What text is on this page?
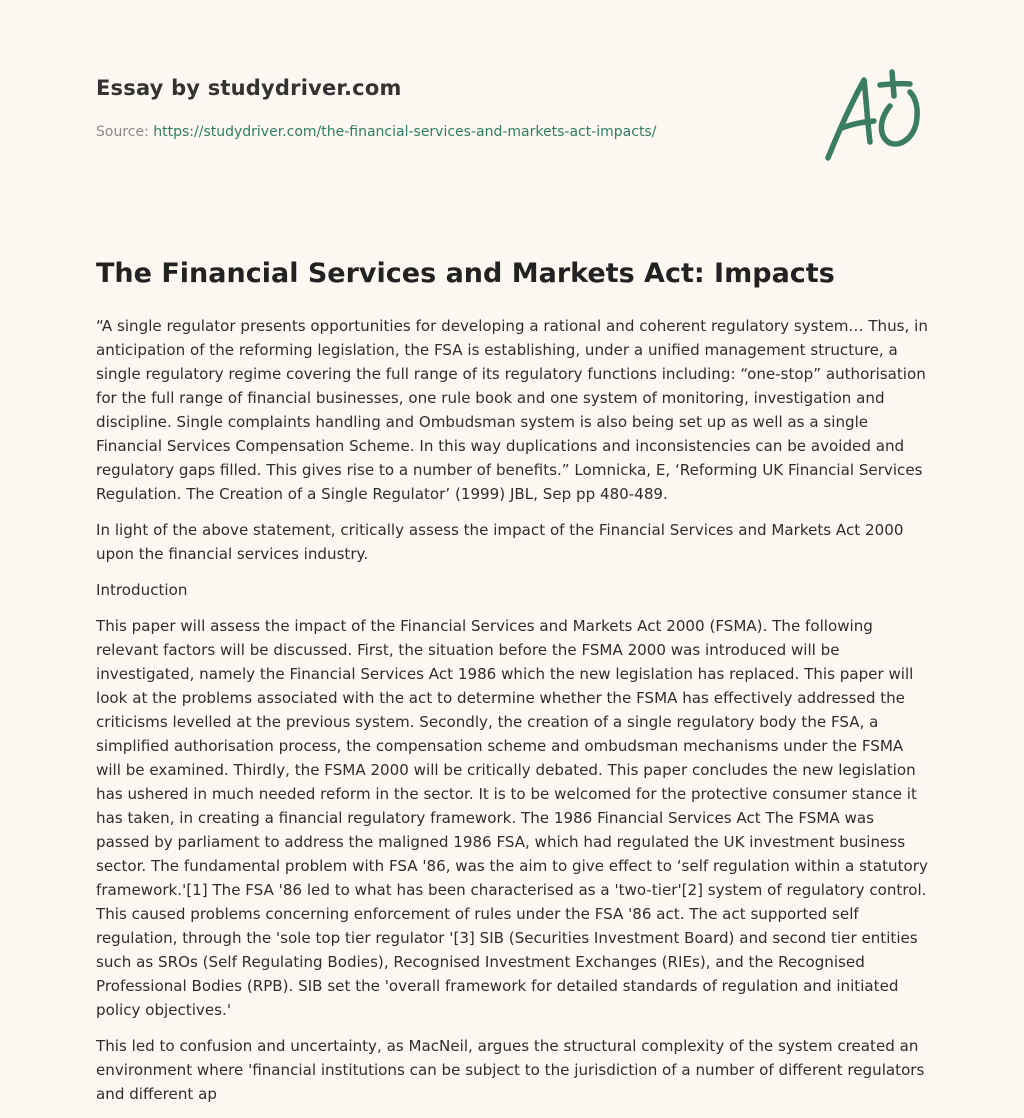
Essay by studydriver.com

Source: https://studydriver.com/the-financial-services-and-markets-act-impacts/
The Financial Services and Markets Act: Impacts

“A single regulator presents opportunities for developing a rational and coherent regulatory system… Thus, in anticipation of the reforming legislation, the FSA is establishing, under a unified management structure, a single regulatory regime covering the full range of its regulatory functions including: “one-stop” authorisation for the full range of financial businesses, one rule book and one system of monitoring, investigation and discipline. Single complaints handling and Ombudsman system is also being set up as well as a single Financial Services Compensation Scheme. In this way duplications and inconsistencies can be avoided and regulatory gaps filled. This gives rise to a number of benefits.” Lomnicka, E, ‘Reforming UK Financial Services Regulation. The Creation of a Single Regulator’ (1999) JBL, Sep pp 480-489.

In light of the above statement, critically assess the impact of the Financial Services and Markets Act 2000 upon the financial services industry.

Introduction

This paper will assess the impact of the Financial Services and Markets Act 2000 (FSMA). The following relevant factors will be discussed. First, the situation before the FSMA 2000 was introduced will be investigated, namely the Financial Services Act 1986 which the new legislation has replaced. This paper will look at the problems associated with the act to determine whether the FSMA has effectively addressed the criticisms levelled at the previous system. Secondly, the creation of a single regulatory body the FSA, a simplified authorisation process, the compensation scheme and ombudsman mechanisms under the FSMA will be examined. Thirdly, the FSMA 2000 will be critically debated. This paper concludes the new legislation has ushered in much needed reform in the sector. It is to be welcomed for the protective consumer stance it has taken, in creating a financial regulatory framework. The 1986 Financial Services Act The FSMA was passed by parliament to address the maligned 1986 FSA, which had regulated the UK investment business sector. The fundamental problem with FSA '86, was the aim to give effect to ‘self regulation within a statutory framework.'[1] The FSA '86 led to what has been characterised as a 'two-tier'[2] system of regulatory control. This caused problems concerning enforcement of rules under the FSA '86 act. The act supported self regulation, through the 'sole top tier regulator '[3] SIB (Securities Investment Board) and second tier entities such as SROs (Self Regulating Bodies), Recognised Investment Exchanges (RIEs), and the Recognised Professional Bodies (RPB). SIB set the 'overall framework for detailed standards of regulation and initiated policy objectives.'

This led to confusion and uncertainty, as MacNeil, argues the structural complexity of the system created an environment where 'financial institutions can be subject to the jurisdiction of a number of different regulators and different ap
